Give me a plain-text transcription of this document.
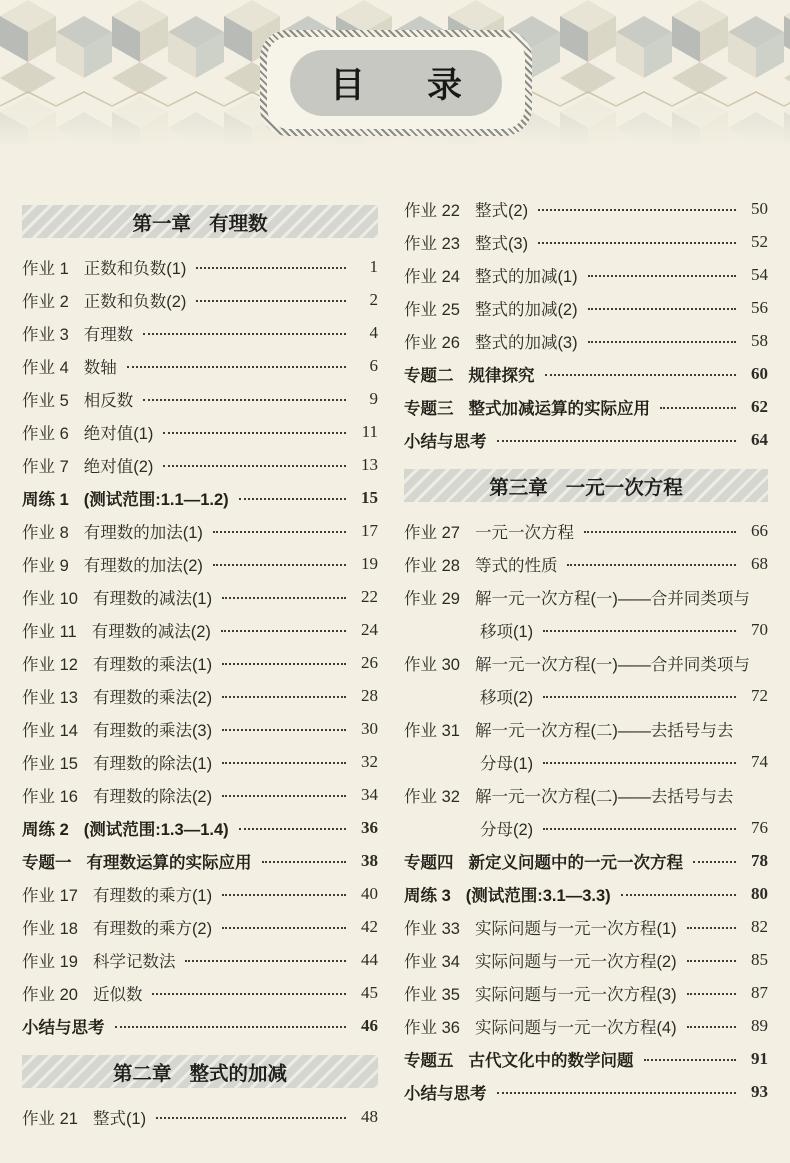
目录
第一章 有理数
作业 1 正数和负数(1)	1
作业 2 正数和负数(2)	2
作业 3 有理数	4
作业 4 数轴	6
作业 5 相反数	9
作业 6 绝对值(1)	11
作业 7 绝对值(2)	13
周练 1 (测试范围:1.1—1.2)	15
作业 8 有理数的加法(1)	17
作业 9 有理数的加法(2)	19
作业 10 有理数的减法(1)	22
作业 11 有理数的减法(2)	24
作业 12 有理数的乘法(1)	26
作业 13 有理数的乘法(2)	28
作业 14 有理数的乘法(3)	30
作业 15 有理数的除法(1)	32
作业 16 有理数的除法(2)	34
周练 2 (测试范围:1.3—1.4)	36
专题一 有理数运算的实际应用	38
作业 17 有理数的乘方(1)	40
作业 18 有理数的乘方(2)	42
作业 19 科学记数法	44
作业 20 近似数	45
小结与思考	46
第二章 整式的加减
作业 21 整式(1)	48
作业 22 整式(2)	50
作业 23 整式(3)	52
作业 24 整式的加减(1)	54
作业 25 整式的加减(2)	56
作业 26 整式的加减(3)	58
专题二 规律探究	60
专题三 整式加减运算的实际应用	62
小结与思考	64
第三章 一元一次方程
作业 27 一元一次方程	66
作业 28 等式的性质	68
作业 29 解一元一次方程(一)——合并同类项与
移项(1)	70
作业 30 解一元一次方程(一)——合并同类项与
移项(2)	72
作业 31 解一元一次方程(二)——去括号与去
分母(1)	74
作业 32 解一元一次方程(二)——去括号与去
分母(2)	76
专题四 新定义问题中的一元一次方程	78
周练 3 (测试范围:3.1—3.3)	80
作业 33 实际问题与一元一次方程(1)	82
作业 34 实际问题与一元一次方程(2)	85
作业 35 实际问题与一元一次方程(3)	87
作业 36 实际问题与一元一次方程(4)	89
专题五 古代文化中的数学问题	91
小结与思考	93
